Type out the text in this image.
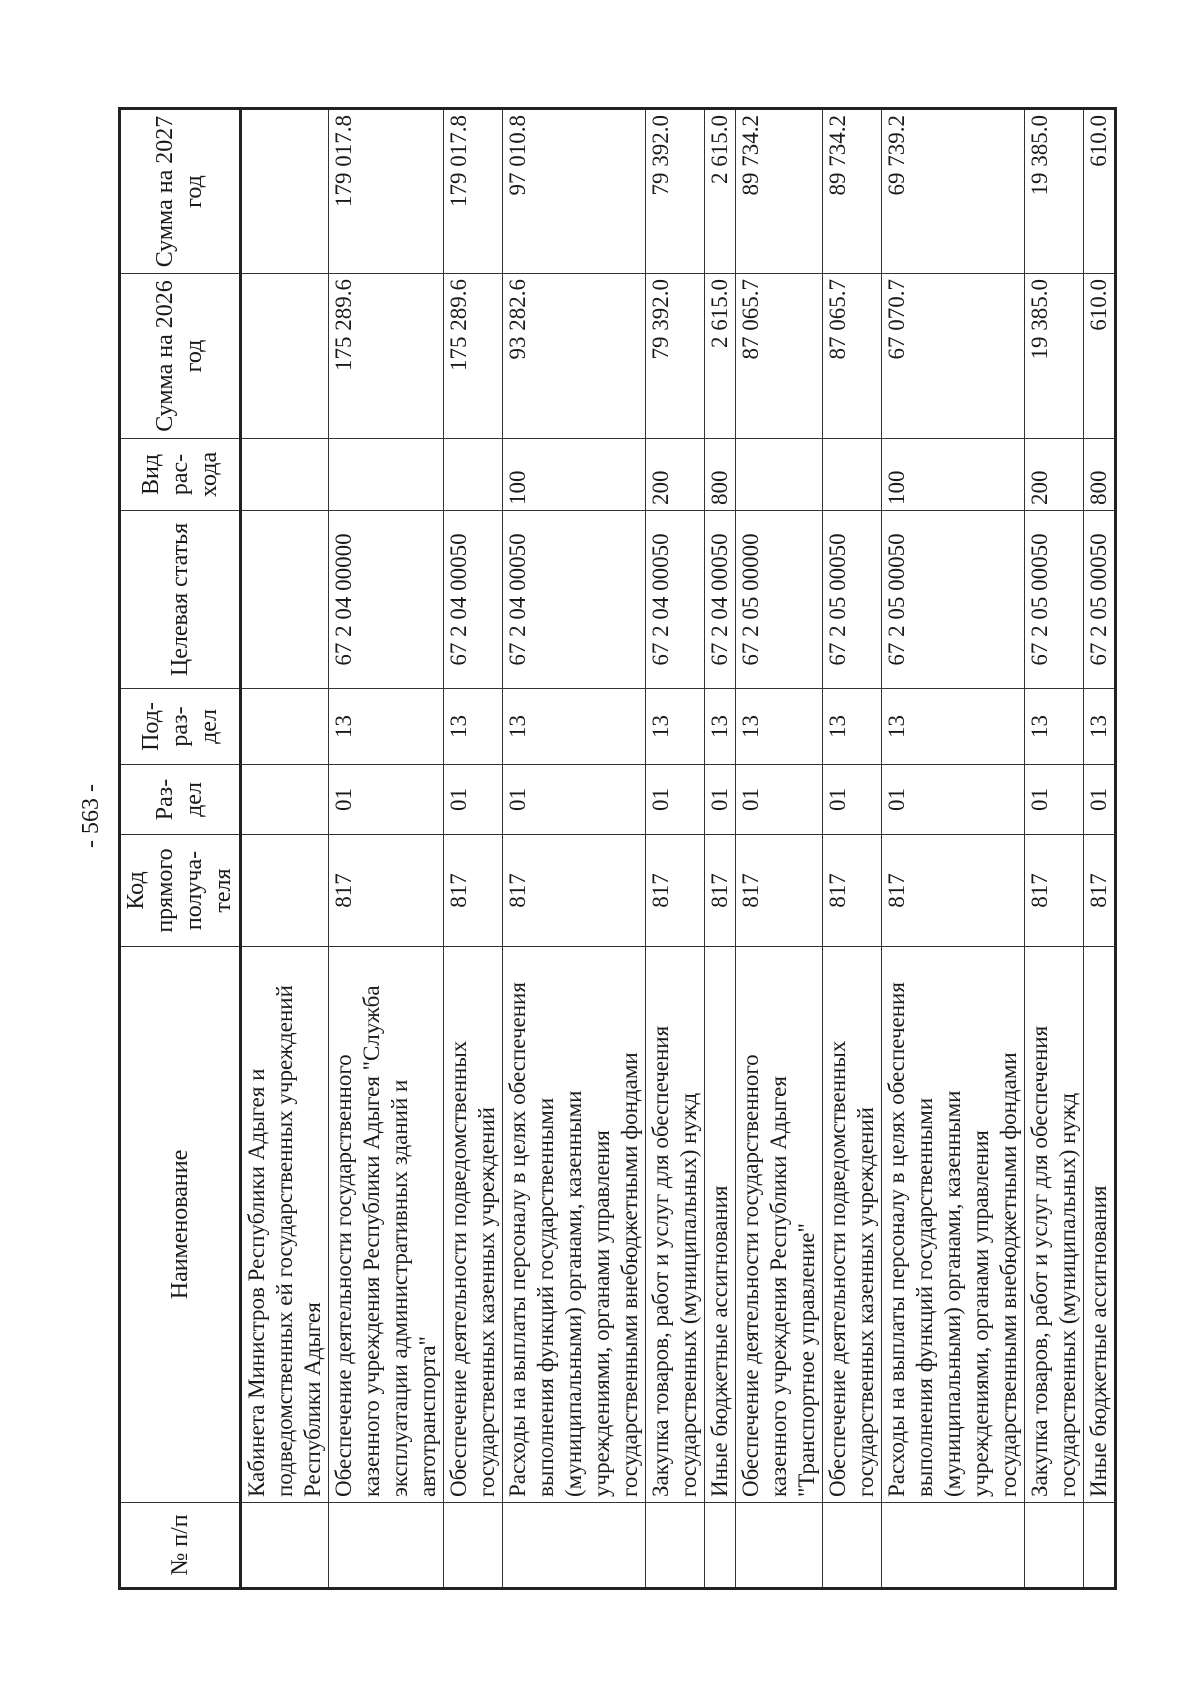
- 563 -
№ п/п	Наименование	Код прямого получа-теля	Раз-дел	Под-раз-дел	Целевая статья	Вид рас-хода	Сумма на 2026 год	Сумма на 2027 год
	Кабинета Министров Республики Адыгея и подведомственных ей государственных учреждений Республики Адыгея							
	Обеспечение деятельности государственного казенного учреждения Республики Адыгея "Служба эксплуатации административных зданий и автотранспорта"	817	01	13	67 2 04 00000		175 289.6	179 017.8
	Обеспечение деятельности подведомственных государственных казенных учреждений	817	01	13	67 2 04 00050		175 289.6	179 017.8
	Расходы на выплаты персоналу в целях обеспечения выполнения функций государственными (муниципальными) органами, казенными учреждениями, органами управления государственными внебюджетными фондами	817	01	13	67 2 04 00050	100	93 282.6	97 010.8
	Закупка товаров, работ и услуг для обеспечения государственных (муниципальных) нужд	817	01	13	67 2 04 00050	200	79 392.0	79 392.0
	Иные бюджетные ассигнования	817	01	13	67 2 04 00050	800	2 615.0	2 615.0
	Обеспечение деятельности государственного казенного учреждения Республики Адыгея "Транспортное управление"	817	01	13	67 2 05 00000		87 065.7	89 734.2
	Обеспечение деятельности подведомственных государственных казенных учреждений	817	01	13	67 2 05 00050		87 065.7	89 734.2
	Расходы на выплаты персоналу в целях обеспечения выполнения функций государственными (муниципальными) органами, казенными учреждениями, органами управления государственными внебюджетными фондами	817	01	13	67 2 05 00050	100	67 070.7	69 739.2
	Закупка товаров, работ и услуг для обеспечения государственных (муниципальных) нужд	817	01	13	67 2 05 00050	200	19 385.0	19 385.0
	Иные бюджетные ассигнования	817	01	13	67 2 05 00050	800	610.0	610.0
